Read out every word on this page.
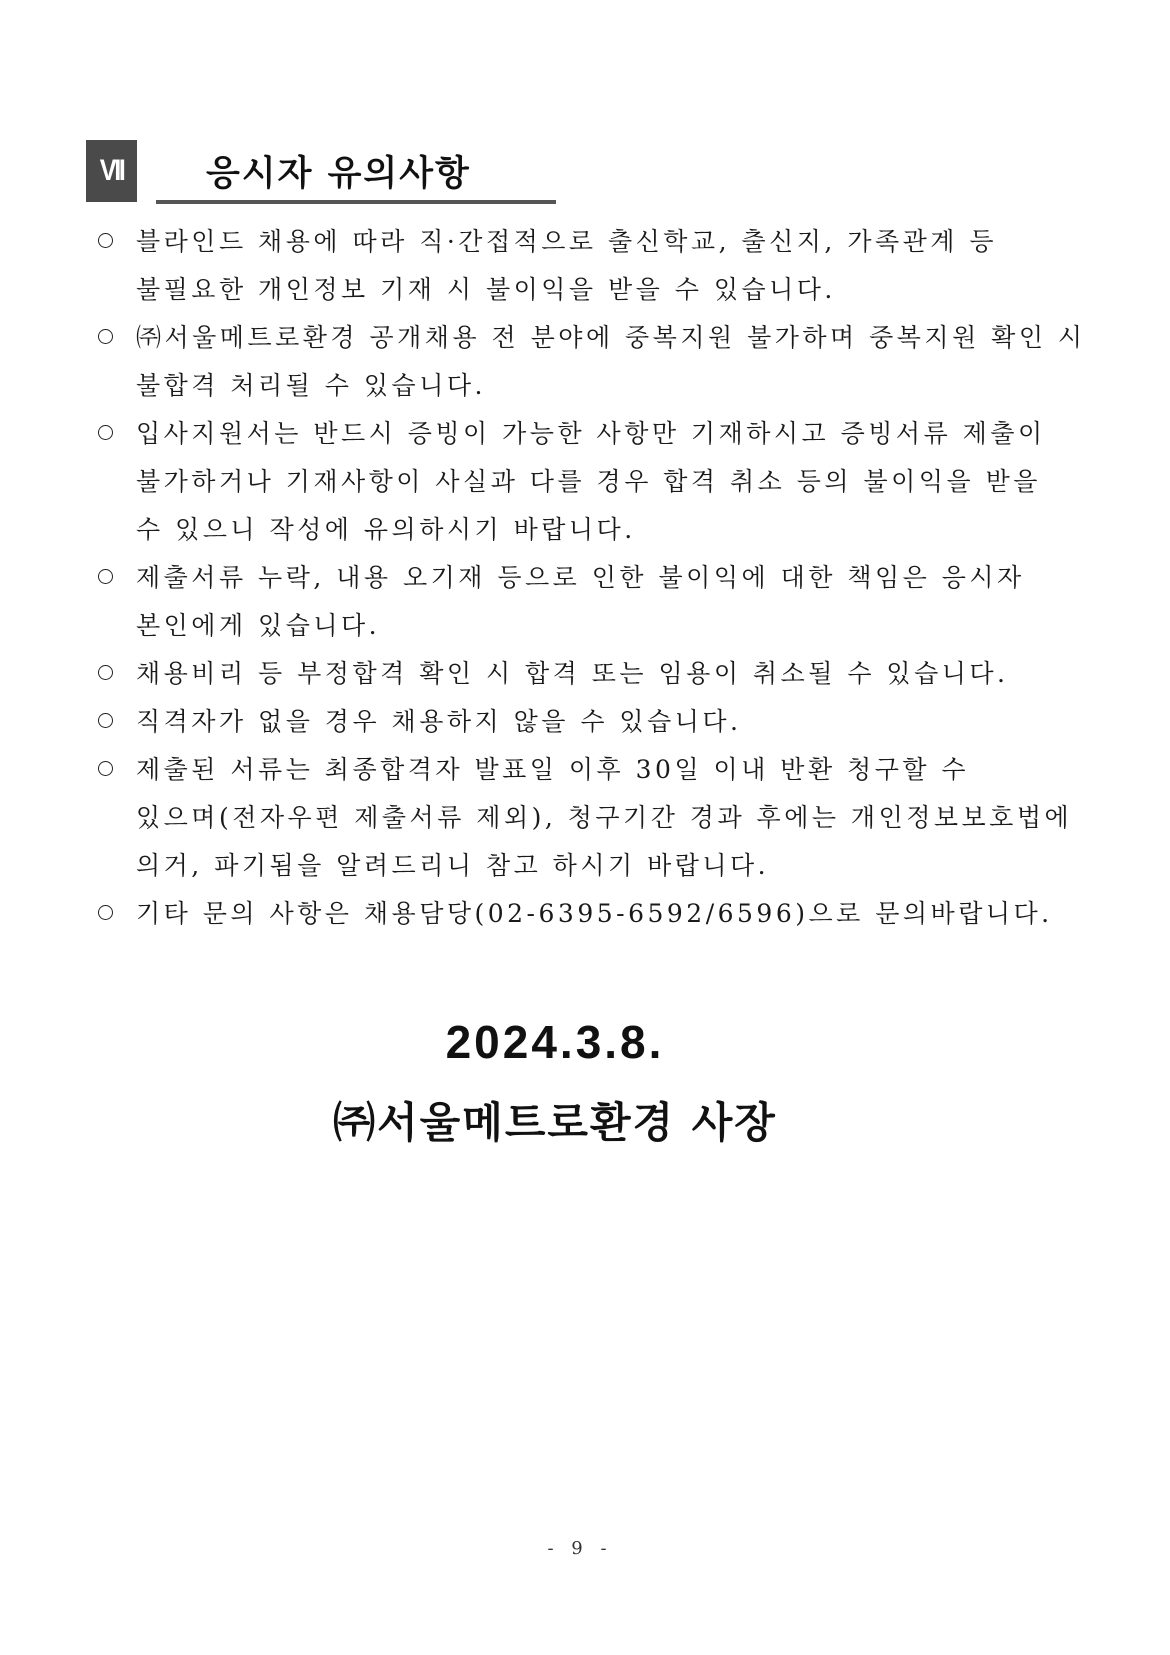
VII	응시자 유의사항
블라인드 채용에 따라 직·간접적으로 출신학교, 출신지, 가족관계 등
불필요한 개인정보 기재 시 불이익을 받을 수 있습니다.
㈜서울메트로환경 공개채용 전 분야에 중복지원 불가하며 중복지원 확인 시
불합격 처리될 수 있습니다.
입사지원서는 반드시 증빙이 가능한 사항만 기재하시고 증빙서류 제출이
불가하거나 기재사항이 사실과 다를 경우 합격 취소 등의 불이익을 받을
수 있으니 작성에 유의하시기 바랍니다.
제출서류 누락, 내용 오기재 등으로 인한 불이익에 대한 책임은 응시자
본인에게 있습니다.
채용비리 등 부정합격 확인 시 합격 또는 임용이 취소될 수 있습니다.
직격자가 없을 경우 채용하지 않을 수 있습니다.
제출된 서류는 최종합격자 발표일 이후 30일 이내 반환 청구할 수
있으며(전자우편 제출서류 제외), 청구기간 경과 후에는 개인정보보호법에
의거, 파기됨을 알려드리니 참고 하시기 바랍니다.
기타 문의 사항은 채용담당(02-6395-6592/6596)으로 문의바랍니다.
2024.3.8.
㈜서울메트로환경 사장
- 9 -
